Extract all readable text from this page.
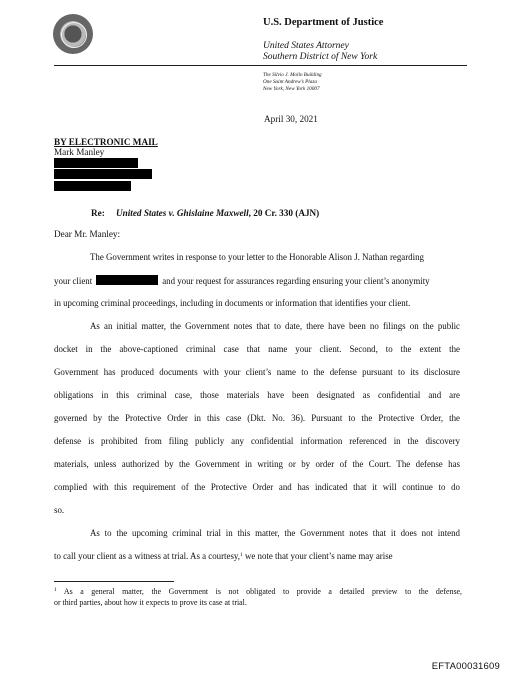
U.S. Department of Justice
United States Attorney
Southern District of New York
The Silvio J. Mollo Building
One Saint Andrew’s Plaza
New York, New York 10007
April 30, 2021
BY ELECTRONIC MAIL
Mark Manley
Re: United States v. Ghislaine Maxwell, 20 Cr. 330 (AJN)
Dear Mr. Manley:
The Government writes in response to your letter to the Honorable Alison J. Nathan regarding
your client	and your request for assurances regarding ensuring your client’s anonymity
in upcoming criminal proceedings, including in documents or information that identifies your client.
As an initial matter, the Government notes that to date, there have been no filings on the public
docket in the above-captioned criminal case that name your client. Second, to the extent the
Government has produced documents with your client’s name to the defense pursuant to its disclosure
obligations in this criminal case, those materials have been designated as confidential and are
governed by the Protective Order in this case (Dkt. No. 36). Pursuant to the Protective Order, the
defense is prohibited from filing publicly any confidential information referenced in the discovery
materials, unless authorized by the Government in writing or by order of the Court. The defense has
complied with this requirement of the Protective Order and has indicated that it will continue to do
so.
As to the upcoming criminal trial in this matter, the Government notes that it does not intend
to call your client as a witness at trial. As a courtesy,$^1$ we note that your client’s name may arise
$^1$ As a general matter, the Government is not obligated to provide a detailed preview to the defense,
or third parties, about how it expects to prove its case at trial.
EFTA00031609
